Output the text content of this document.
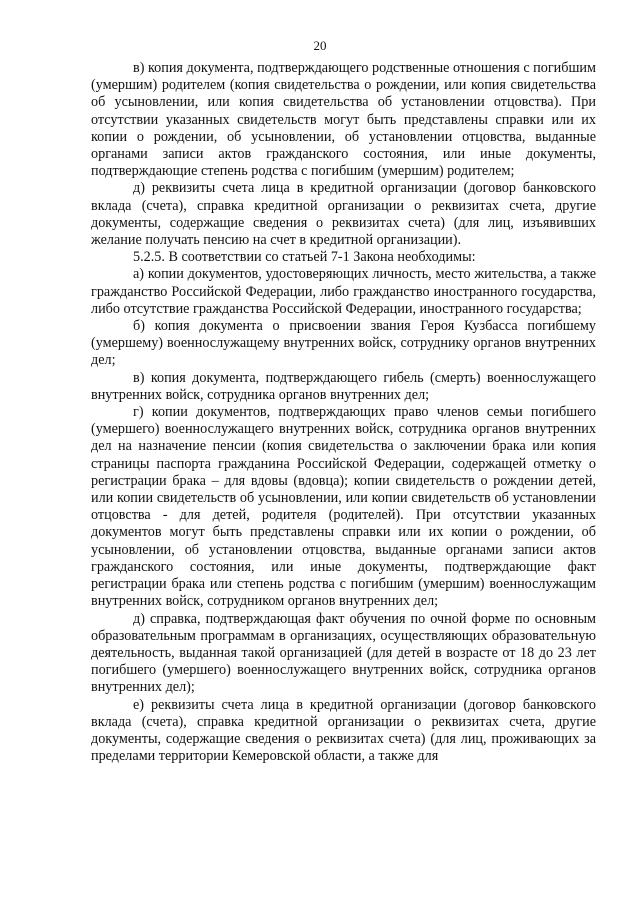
20

в) копия документа, подтверждающего родственные отношения с погибшим (умершим) родителем (копия свидетельства о рождении, или копия свидетельства об усыновлении, или копия свидетельства об установлении отцовства). При отсутствии указанных свидетельств могут быть представлены справки или их копии о рождении, об усыновлении, об установлении отцовства, выданные органами записи актов гражданского состояния, или иные документы, подтверждающие степень родства с погибшим (умершим) родителем;

д) реквизиты счета лица в кредитной организации (договор банковского вклада (счета), справка кредитной организации о реквизитах счета, другие документы, содержащие сведения о реквизитах счета) (для лиц, изъявивших желание получать пенсию на счет в кредитной организации).

5.2.5. В соответствии со статьей 7-1 Закона необходимы:

а) копии документов, удостоверяющих личность, место жительства, а также гражданство Российской Федерации, либо гражданство иностранного государства, либо отсутствие гражданства Российской Федерации, иностранного государства;

б) копия документа о присвоении звания Героя Кузбасса погибшему (умершему) военнослужащему внутренних войск, сотруднику органов внутренних дел;

в) копия документа, подтверждающего гибель (смерть) военнослужащего внутренних войск, сотрудника органов внутренних дел;

г) копии документов, подтверждающих право членов семьи погибшего (умершего) военнослужащего внутренних войск, сотрудника органов внутренних дел на назначение пенсии (копия свидетельства о заключении брака или копия страницы паспорта гражданина Российской Федерации, содержащей отметку о регистрации брака – для вдовы (вдовца); копии свидетельств о рождении детей, или копии свидетельств об усыновлении, или копии свидетельств об установлении отцовства - для детей, родителя (родителей). При отсутствии указанных документов могут быть представлены справки или их копии о рождении, об усыновлении, об установлении отцовства, выданные органами записи актов гражданского состояния, или иные документы, подтверждающие факт регистрации брака или степень родства с погибшим (умершим) военнослужащим внутренних войск, сотрудником органов внутренних дел;

д) справка, подтверждающая факт обучения по очной форме по основным образовательным программам в организациях, осуществляющих образовательную деятельность, выданная такой организацией (для детей в возрасте от 18 до 23 лет погибшего (умершего) военнослужащего внутренних войск, сотрудника органов внутренних дел);

е) реквизиты счета лица в кредитной организации (договор банковского вклада (счета), справка кредитной организации о реквизитах счета, другие документы, содержащие сведения о реквизитах счета) (для лиц, проживающих за пределами территории Кемеровской области, а также для
